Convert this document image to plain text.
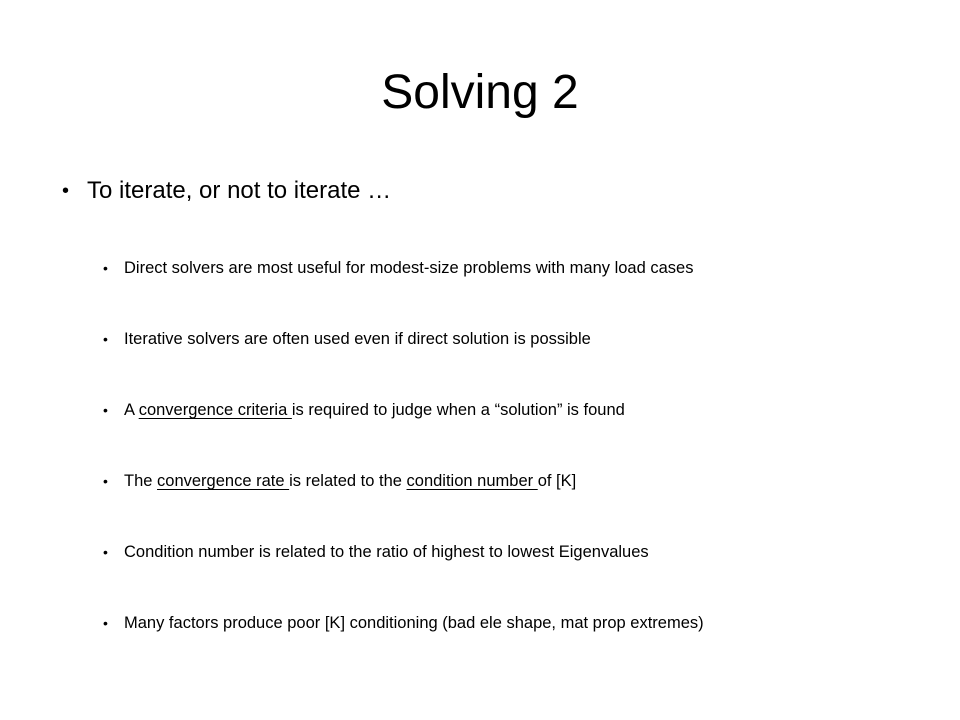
Solving 2
• To iterate, or not to iterate …
• Direct solvers are most useful for modest-size problems with many load cases
• Iterative solvers are often used even if direct solution is possible
• A convergence criteria is required to judge when a “solution” is found
• The convergence rate is related to the condition number of [K]
• Condition number is related to the ratio of highest to lowest Eigenvalues
• Many factors produce poor [K] conditioning (bad ele shape, mat prop extremes)
